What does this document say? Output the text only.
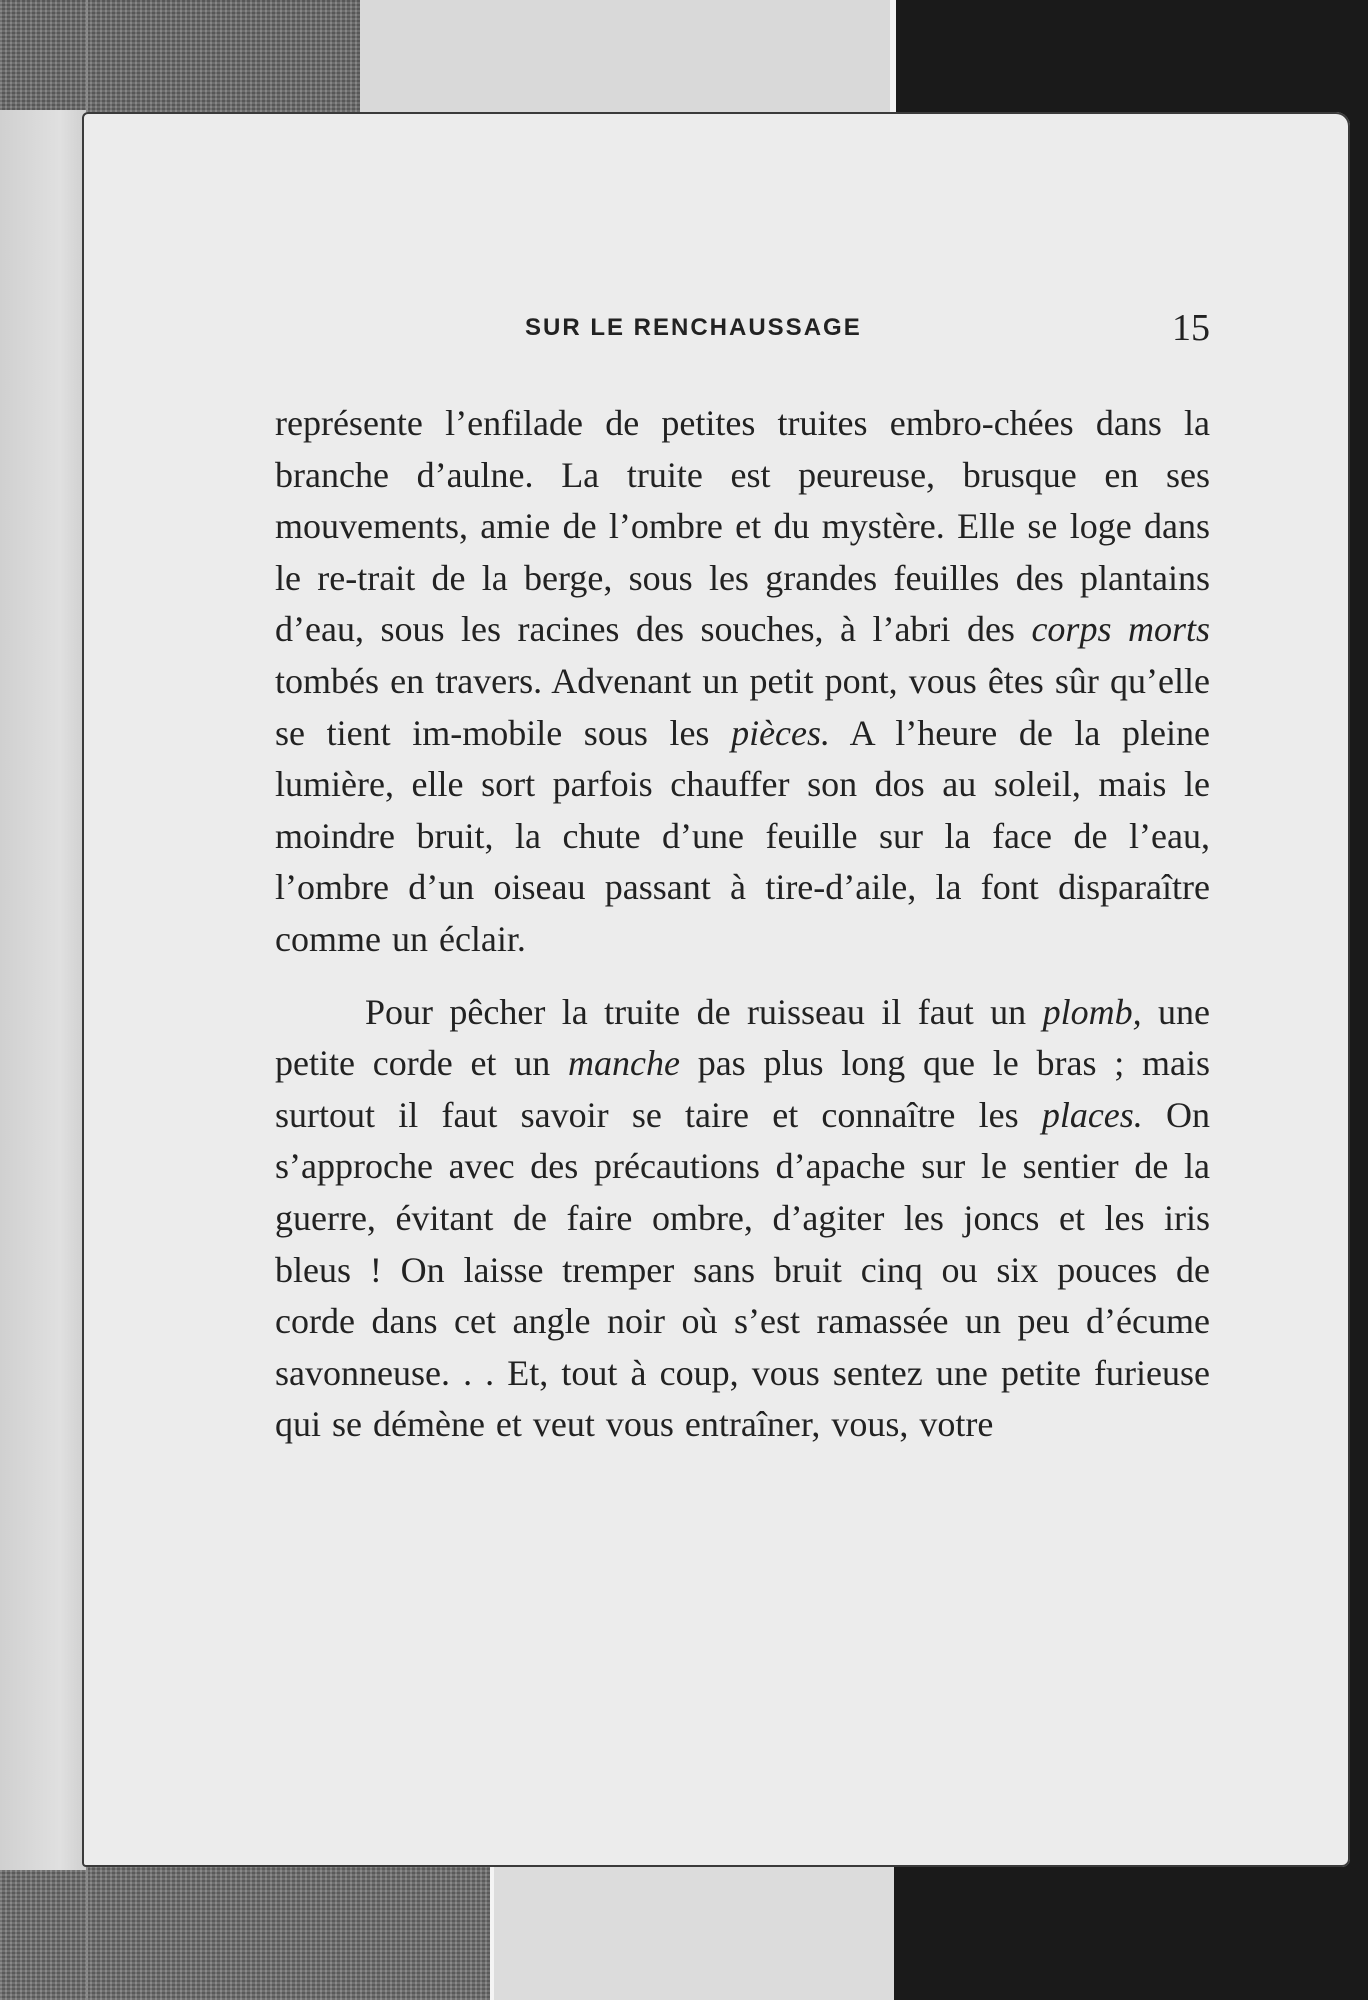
SUR LE RENCHAUSSAGE	15

représente l’enfilade de petites truites embro-chées dans la branche d’aulne. La truite est peureuse, brusque en ses mouvements, amie de l’ombre et du mystère. Elle se loge dans le re-trait de la berge, sous les grandes feuilles des plantains d’eau, sous les racines des souches, à l’abri des corps morts tombés en travers. Advenant un petit pont, vous êtes sûr qu’elle se tient im-mobile sous les pièces. A l’heure de la pleine lumière, elle sort parfois chauffer son dos au soleil, mais le moindre bruit, la chute d’une feuille sur la face de l’eau, l’ombre d’un oiseau passant à tire-d’aile, la font disparaître comme un éclair.

Pour pêcher la truite de ruisseau il faut un plomb, une petite corde et un manche pas plus long que le bras ; mais surtout il faut savoir se taire et connaître les places. On s’approche avec des précautions d’apache sur le sentier de la guerre, évitant de faire ombre, d’agiter les joncs et les iris bleus ! On laisse tremper sans bruit cinq ou six pouces de corde dans cet angle noir où s’est ramassée un peu d’écume savonneuse. . . Et, tout à coup, vous sentez une petite furieuse qui se démène et veut vous entraîner, vous, votre
